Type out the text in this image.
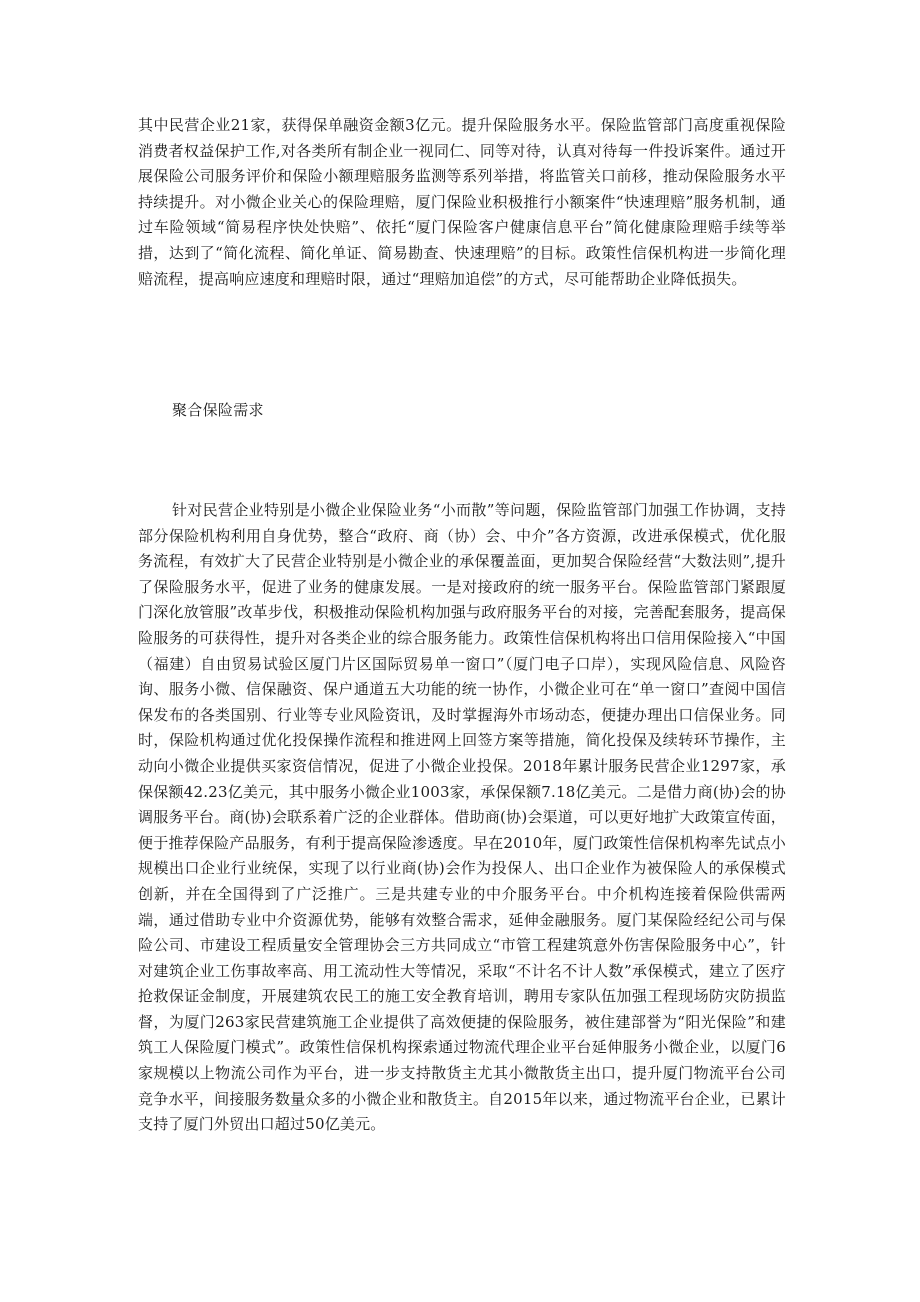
其中民营企业21家，获得保单融资金额3亿元。提升保险服务水平。保险监管部门高度重视保险消费者权益保护工作,对各类所有制企业一视同仁、同等对待，认真对待每一件投诉案件。通过开展保险公司服务评价和保险小额理赔服务监测等系列举措，将监管关口前移，推动保险服务水平持续提升。对小微企业关心的保险理赔，厦门保险业积极推行小额案件“快速理赔”服务机制，通过车险领域“简易程序快处快赔”、依托“厦门保险客户健康信息平台”简化健康险理赔手续等举措，达到了“简化流程、简化单证、简易勘查、快速理赔”的目标。政策性信保机构进一步简化理赔流程，提高响应速度和理赔时限，通过“理赔加追偿”的方式，尽可能帮助企业降低损失。

聚合保险需求

针对民营企业特别是小微企业保险业务“小而散”等问题，保险监管部门加强工作协调，支持部分保险机构利用自身优势，整合“政府、商（协）会、中介”各方资源，改进承保模式，优化服务流程，有效扩大了民营企业特别是小微企业的承保覆盖面，更加契合保险经营“大数法则”,提升了保险服务水平，促进了业务的健康发展。一是对接政府的统一服务平台。保险监管部门紧跟厦门深化放管服”改革步伐，积极推动保险机构加强与政府服务平台的对接，完善配套服务，提高保险服务的可获得性，提升对各类企业的综合服务能力。政策性信保机构将出口信用保险接入“中国（福建）自由贸易试验区厦门片区国际贸易单一窗口”（厦门电子口岸），实现风险信息、风险咨询、服务小微、信保融资、保户通道五大功能的统一协作，小微企业可在“单一窗口”查阅中国信保发布的各类国别、行业等专业风险资讯，及时掌握海外市场动态，便捷办理出口信保业务。同时，保险机构通过优化投保操作流程和推进网上回签方案等措施，简化投保及续转环节操作，主动向小微企业提供买家资信情况，促进了小微企业投保。2018年累计服务民营企业1297家，承保保额42.23亿美元，其中服务小微企业1003家，承保保额7.18亿美元。二是借力商(协)会的协调服务平台。商(协)会联系着广泛的企业群体。借助商(协)会渠道，可以更好地扩大政策宣传面，便于推荐保险产品服务，有利于提高保险渗透度。早在2010年，厦门政策性信保机构率先试点小规模出口企业行业统保，实现了以行业商(协)会作为投保人、出口企业作为被保险人的承保模式创新，并在全国得到了广泛推广。三是共建专业的中介服务平台。中介机构连接着保险供需两端，通过借助专业中介资源优势，能够有效整合需求，延伸金融服务。厦门某保险经纪公司与保险公司、市建设工程质量安全管理协会三方共同成立“市管工程建筑意外伤害保险服务中心”，针对建筑企业工伤事故率高、用工流动性大等情况，采取“不计名不计人数”承保模式，建立了医疗抢救保证金制度，开展建筑农民工的施工安全教育培训，聘用专家队伍加强工程现场防灾防损监督，为厦门263家民营建筑施工企业提供了高效便捷的保险服务，被住建部誉为“阳光保险”和建筑工人保险厦门模式”。政策性信保机构探索通过物流代理企业平台延伸服务小微企业，以厦门6家规模以上物流公司作为平台，进一步支持散货主尤其小微散货主出口，提升厦门物流平台公司竞争水平，间接服务数量众多的小微企业和散货主。自2015年以来，通过物流平台企业，已累计支持了厦门外贸出口超过50亿美元。
